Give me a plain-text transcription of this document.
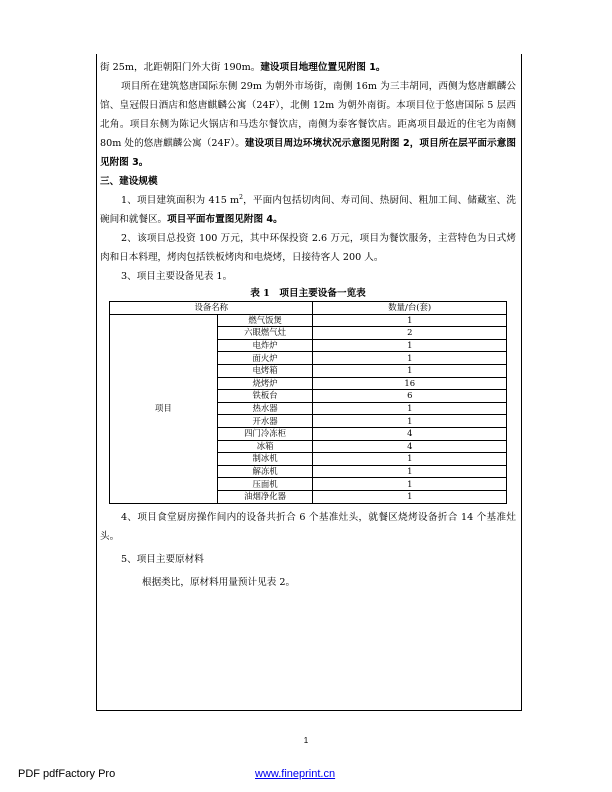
街 25m，北距朝阳门外大街 190m。建设项目地理位置见附图 1。

项目所在建筑悠唐国际东侧 29m 为朝外市场街，南侧 16m 为三丰胡同，西侧为悠唐麒麟公馆、皇冠假日酒店和悠唐麒麟公寓（24F），北侧 12m 为朝外南街。本项目位于悠唐国际 5 层西北角。项目东侧为陈记火锅店和马迭尔餐饮店，南侧为泰客餐饮店。距离项目最近的住宅为南侧 80m 处的悠唐麒麟公寓（24F）。建设项目周边环境状况示意图见附图 2，项目所在层平面示意图见附图 3。

三、建设规模

1、项目建筑面积为 415 $m^2$，平面内包括切肉间、寿司间、热厨间、粗加工间、储藏室、洗碗间和就餐区。项目平面布置图见附图 4。

2、该项目总投资 100 万元，其中环保投资 2.6 万元，项目为餐饮服务，主营特色为日式烤肉和日本料理，烤肉包括铁板烤肉和电烧烤，日接待客人 200 人。

3、项目主要设备见表 1。

表 1　项目主要设备一览表

设备名称		数量/台(套)
项目	燃气饭煲	1
	六眼燃气灶	2
	电炸炉	1
	面火炉	1
	电烤箱	1
	烧烤炉	16
	铁板台	6
	热水器	1
	开水器	1
	四门冷冻柜	4
	冰箱	4
	制冰机	1
	解冻机	1
	压面机	1
	油烟净化器	1

4、项目食堂厨房操作间内的设备共折合 6 个基准灶头，就餐区烧烤设备折合 14 个基准灶头。

5、项目主要原材料

根据类比，原材料用量预计见表 2。

1
PDF pdfFactory Pro	www.fineprint.cn
